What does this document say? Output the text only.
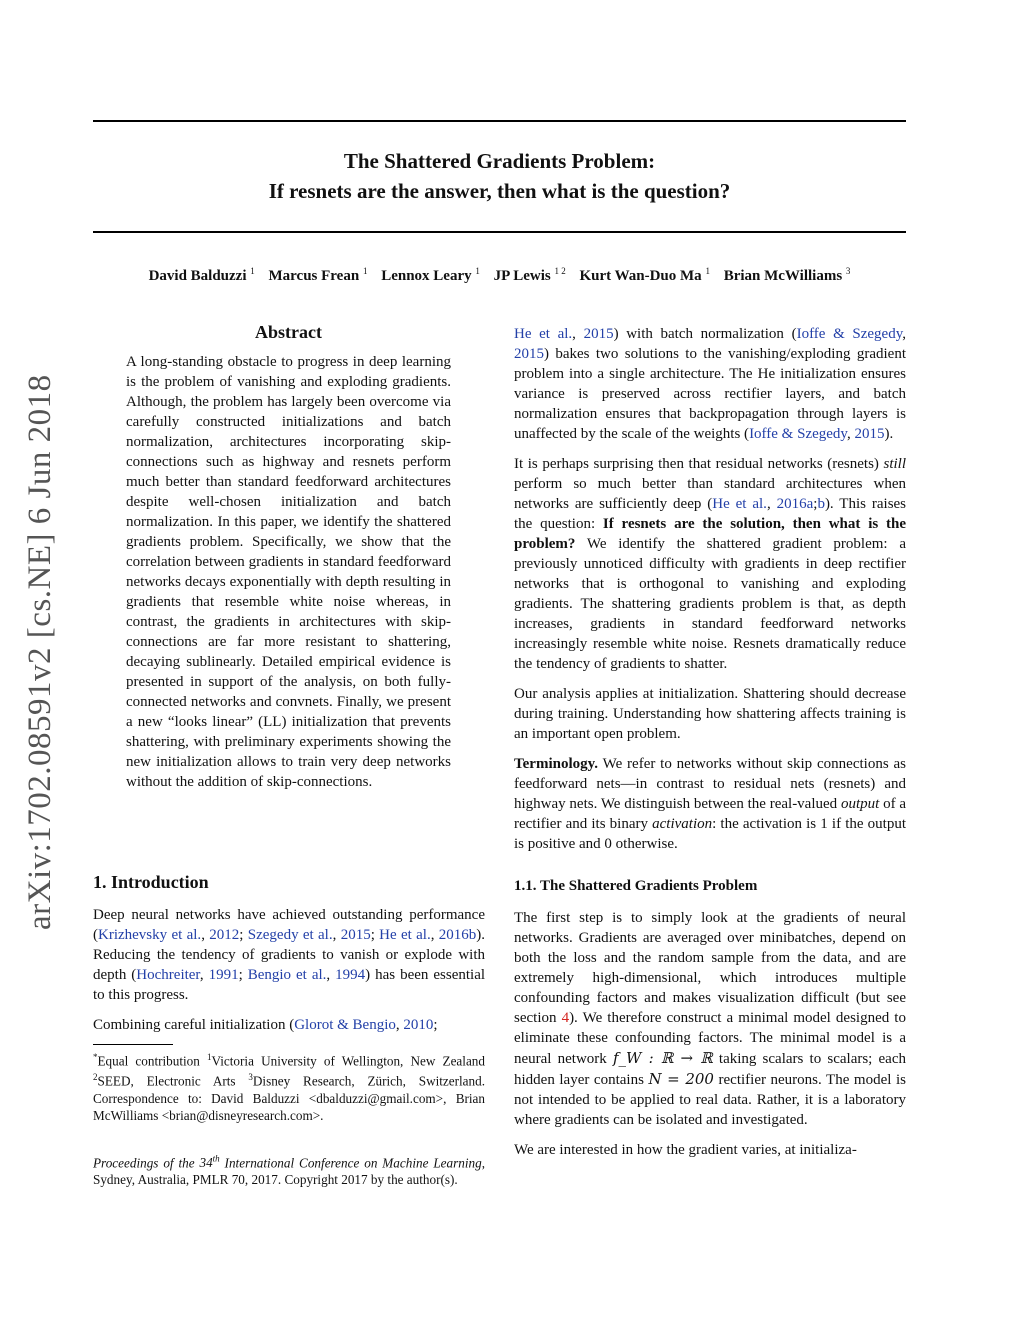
The Shattered Gradients Problem:
If resnets are the answer, then what is the question?
David Balduzzi $^1$ Marcus Frean $^1$ Lennox Leary $^1$ JP Lewis $^{1 2}$ Kurt Wan-Duo Ma $^1$ Brian McWilliams $^3$
arXiv:1702.08591v2 [cs.NE] 6 Jun 2018
Abstract

A long-standing obstacle to progress in deep learning is the problem of vanishing and exploding gradients. Although, the problem has largely been overcome via carefully constructed initializations and batch normalization, architectures incorporating skip-connections such as highway and resnets perform much better than standard feedforward architectures despite well-chosen initialization and batch normalization. In this paper, we identify the shattered gradients problem. Specifically, we show that the correlation between gradients in standard feedforward networks decays exponentially with depth resulting in gradients that resemble white noise whereas, in contrast, the gradients in architectures with skip-connections are far more resistant to shattering, decaying sublinearly. Detailed empirical evidence is presented in support of the analysis, on both fully-connected networks and convnets. Finally, we present a new “looks linear” (LL) initialization that prevents shattering, with preliminary experiments showing the new initialization allows to train very deep networks without the addition of skip-connections.

1. Introduction

Deep neural networks have achieved outstanding performance (Krizhevsky et al., 2012; Szegedy et al., 2015; He et al., 2016b). Reducing the tendency of gradients to vanish or explode with depth (Hochreiter, 1991; Bengio et al., 1994) has been essential to this progress.

Combining careful initialization (Glorot & Bengio, 2010;

*Equal contribution $^1$Victoria University of Wellington, New Zealand $^2$SEED, Electronic Arts $^3$Disney Research, Zürich, Switzerland. Correspondence to: David Balduzzi <dbalduzzi@gmail.com>, Brian McWilliams <brian@disneyresearch.com>.
Proceedings of the 34th International Conference on Machine Learning, Sydney, Australia, PMLR 70, 2017. Copyright 2017 by the author(s).

He et al., 2015) with batch normalization (Ioffe & Szegedy, 2015) bakes two solutions to the vanishing/exploding gradient problem into a single architecture. The He initialization ensures variance is preserved across rectifier layers, and batch normalization ensures that backpropagation through layers is unaffected by the scale of the weights (Ioffe & Szegedy, 2015).

It is perhaps surprising then that residual networks (resnets) still perform so much better than standard architectures when networks are sufficiently deep (He et al., 2016a;b). This raises the question: If resnets are the solution, then what is the problem? We identify the shattered gradient problem: a previously unnoticed difficulty with gradients in deep rectifier networks that is orthogonal to vanishing and exploding gradients. The shattering gradients problem is that, as depth increases, gradients in standard feedforward networks increasingly resemble white noise. Resnets dramatically reduce the tendency of gradients to shatter.

Our analysis applies at initialization. Shattering should decrease during training. Understanding how shattering affects training is an important open problem.

Terminology. We refer to networks without skip connections as feedforward nets—in contrast to residual nets (resnets) and highway nets. We distinguish between the real-valued output of a rectifier and its binary activation: the activation is 1 if the output is positive and 0 otherwise.

1.1. The Shattered Gradients Problem

The first step is to simply look at the gradients of neural networks. Gradients are averaged over minibatches, depend on both the loss and the random sample from the data, and are extremely high-dimensional, which introduces multiple confounding factors and makes visualization difficult (but see section 4). We therefore construct a minimal model designed to eliminate these confounding factors. The minimal model is a neural network f_W : ℝ → ℝ taking scalars to scalars; each hidden layer contains N = 200 rectifier neurons. The model is not intended to be applied to real data. Rather, it is a laboratory where gradients can be isolated and investigated.

We are interested in how the gradient varies, at initializa-
